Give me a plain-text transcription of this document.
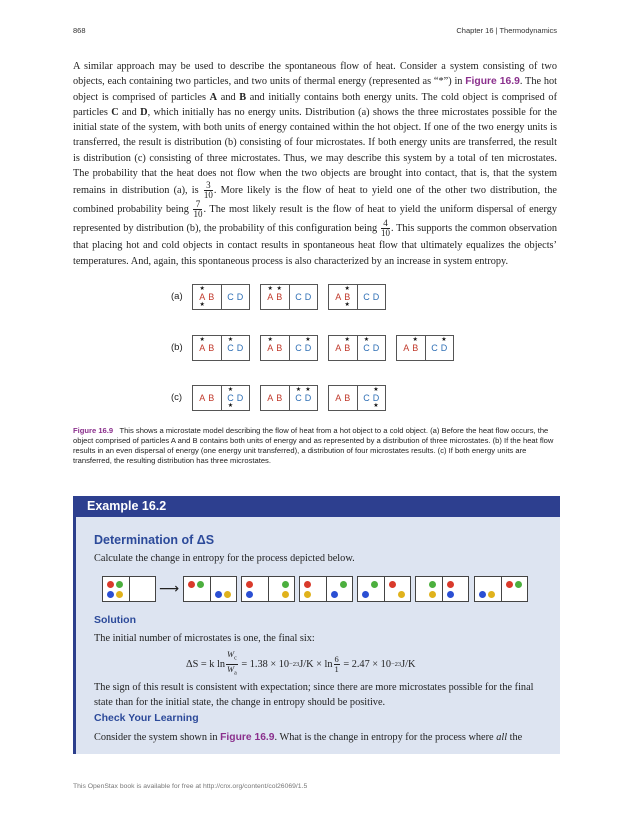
868	Chapter 16 | Thermodynamics
A similar approach may be used to describe the spontaneous flow of heat. Consider a system consisting of two objects, each containing two particles, and two units of thermal energy (represented as “*”) in Figure 16.9. The hot object is comprised of particles A and B and initially contains both energy units. The cold object is comprised of particles C and D, which initially has no energy units. Distribution (a) shows the three microstates possible for the initial state of the system, with both units of energy contained within the hot object. If one of the two energy units is transferred, the result is distribution (b) consisting of four microstates. If both energy units are transferred, the result is distribution (c) consisting of three microstates. Thus, we may describe this system by a total of ten microstates. The probability that the heat does not flow when the two objects are brought into contact, that is, that the system remains in distribution (a), is $\frac{3}{10}$ . More likely is the flow of heat to yield one of the other two distribution, the combined probability being $\frac{7}{10}$ . The most likely result is the flow of heat to yield the uniform dispersal of energy represented by distribution (b), the probability of this configuration being $\frac{4}{10}$ . This supports the common observation that placing hot and cold objects in contact results in spontaneous heat flow that ultimately equalizes the objects’ temperatures. And, again, this spontaneous process is also characterized by an increase in system entropy.
(a) A
★
★
B C D	A
★
B
★
C D	A B
★
★
C D
(b) A
★
B C
★
D	A
★
B C D
★
A B
★
C
★
D	A B
★
C D
★
(c) A B C
★
★
D	A B C
★
D
★
A B C D
★
★
Figure 16.9 This shows a microstate model describing the flow of heat from a hot object to a cold object. (a) Before the heat flow occurs, the object comprised of particles A and B contains both units of energy and as represented by a distribution of three microstates. (b) If the heat flow results in an even dispersal of energy (one energy unit transferred), a distribution of four microstates results. (c) If both energy units are transferred, the resulting distribution has three microstates.
Example 16.2
Determination of ΔS
Calculate the change in entropy for the process depicted below.
⟶
Solution
The initial number of microstates is one, the final six:
ΔS = k $\ln \frac{W_c}{W_a}$
= 1.38 × 10 −23 $J/K \times \ln \frac{6}{1}$
= 2.47 × 10 −23 J/K
The sign of this result is consistent with expectation; since there are more microstates possible for the final state than for the initial state, the change in entropy should be positive.
Check Your Learning
Consider the system shown in Figure 16.9. What is the change in entropy for the process where all the
This OpenStax book is available for free at http://cnx.org/content/col26069/1.5
